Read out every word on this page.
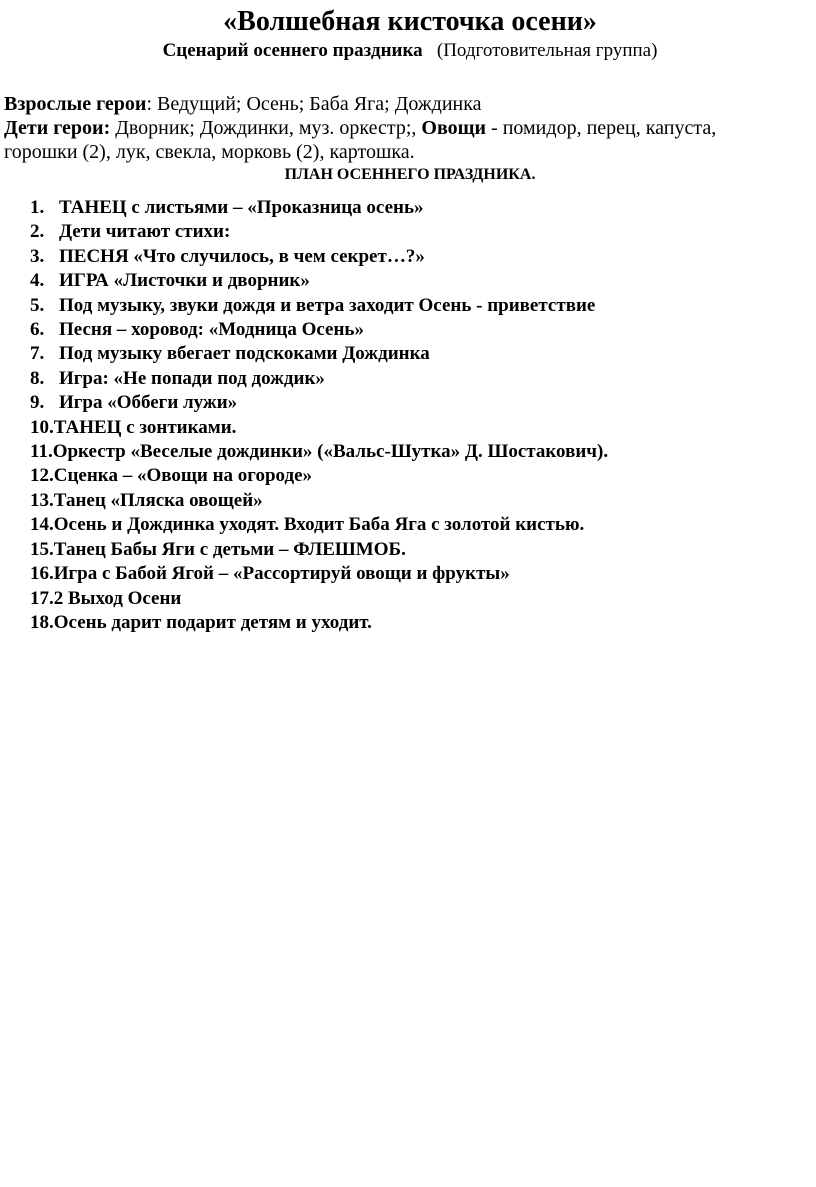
«Волшебная кисточка осени»

Сценарий осеннего праздника   (Подготовительная группа)

Взрослые герои: Ведущий; Осень; Баба Яга; Дождинка

Дети герои: Дворник; Дождинки, муз. оркестр;, Овощи - помидор, перец, капуста, горошки (2), лук, свекла, морковь (2), картошка.

ПЛАН ОСЕННЕГО ПРАЗДНИКА.

1. ТАНЕЦ с листьями – «Проказница осень»
2. Дети читают стихи:
3. ПЕСНЯ «Что случилось, в чем секрет…?»
4. ИГРА «Листочки и дворник»
5. Под музыку, звуки дождя и ветра заходит Осень - приветствие
6. Песня – хоровод: «Модница Осень»
7. Под музыку вбегает подскоками Дождинка
8. Игра: «Не попади под дождик»
9. Игра «Оббеги лужи»
10. ТАНЕЦ с зонтиками.
11. Оркестр «Веселые дождинки» («Вальс-Шутка» Д. Шостакович).
12. Сценка – «Овощи на огороде»
13. Танец «Пляска овощей»
14. Осень и Дождинка уходят. Входит Баба Яга с золотой кистью.
15. Танец Бабы Яги с детьми – ФЛЕШМОБ.
16. Игра с Бабой Ягой – «Рассортируй овощи и фрукты»
17. 2 Выход Осени
18. Осень дарит подарит детям и уходит.
